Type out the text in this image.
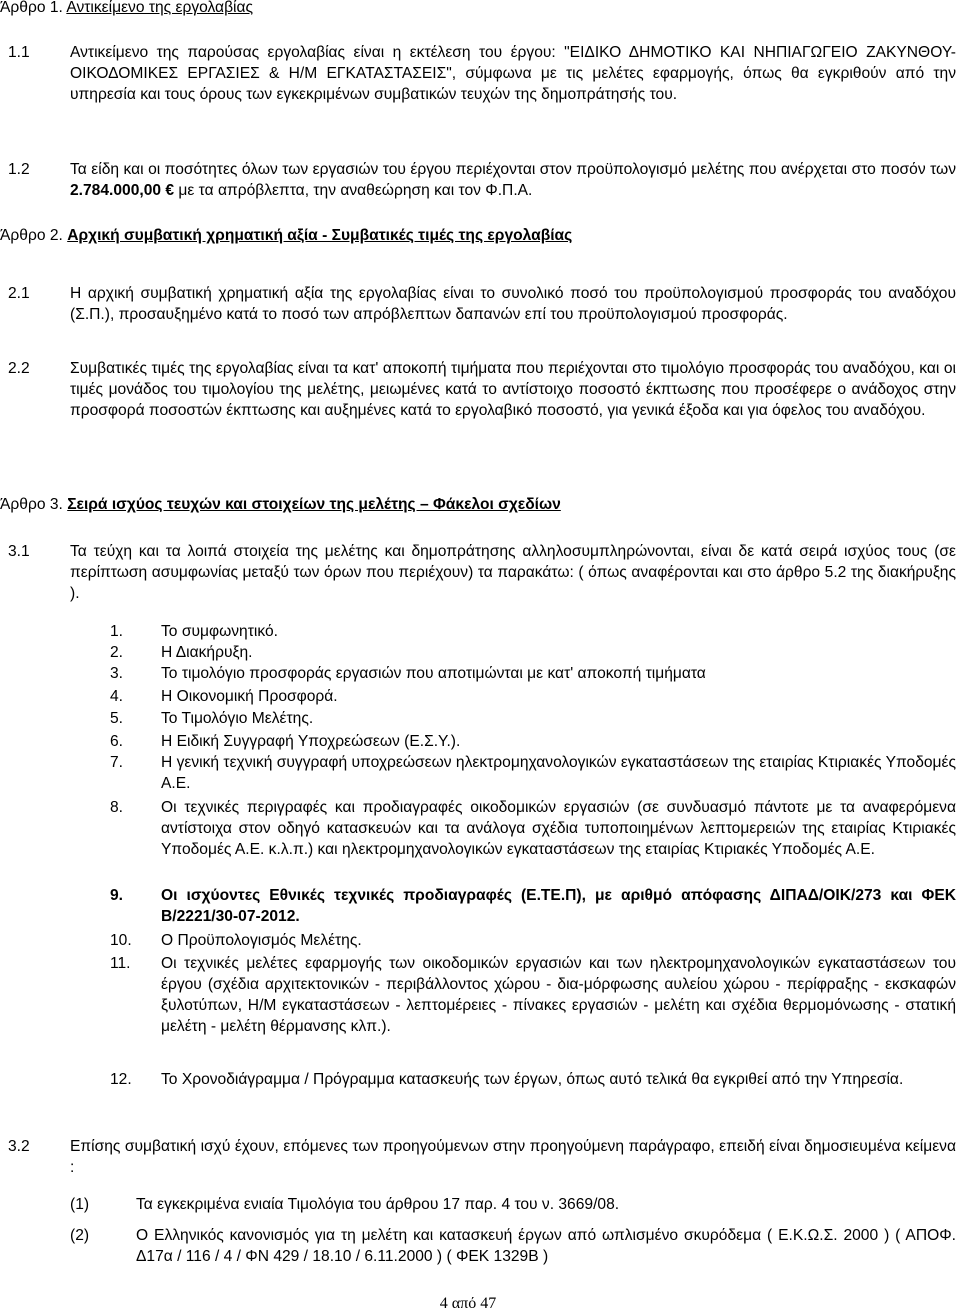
Άρθρο 1. Αντικείμενο της εργολαβίας
1.1	Αντικείμενο της παρούσας εργολαβίας είναι η εκτέλεση του έργου: "ΕΙΔΙΚΟ ΔΗΜΟΤΙΚΟ ΚΑΙ ΝΗΠΙΑΓΩΓΕΙΟ ΖΑΚΥΝΘΟΥ-ΟΙΚΟΔΟΜΙΚΕΣ ΕΡΓΑΣΙΕΣ & Η/Μ ΕΓΚΑΤΑΣΤΑΣΕΙΣ", σύμφωνα με τις μελέτες εφαρμογής, όπως θα εγκριθούν από την υπηρεσία και τους όρους των εγκεκριμένων συμβατικών τευχών της δημοπράτησής του.
1.2	Τα είδη και οι ποσότητες όλων των εργασιών του έργου περιέχονται στον προϋπολογισμό μελέτης που ανέρχεται στο ποσόν των 2.784.000,00 € με τα απρόβλεπτα, την αναθεώρηση και τον Φ.Π.Α.
Άρθρο 2. Αρχική συμβατική χρηματική αξία - Συμβατικές τιμές της εργολαβίας
2.1	Η αρχική συμβατική χρηματική αξία της εργολαβίας είναι το συνολικό ποσό του προϋπολογισμού προσφοράς του αναδόχου (Σ.Π.), προσαυξημένο κατά το ποσό των απρόβλεπτων δαπανών επί του προϋπολογισμού προσφοράς.
2.2	Συμβατικές τιμές της εργολαβίας είναι τα κατ' αποκοπή τιμήματα που περιέχονται στο τιμολόγιο προσφοράς του αναδόχου, και οι τιμές μονάδος του τιμολογίου της μελέτης, μειωμένες κατά το αντίστοιχο ποσοστό έκπτωσης που προσέφερε ο ανάδοχος στην προσφορά ποσοστών έκπτωσης και αυξημένες κατά το εργολαβικό ποσοστό, για γενικά έξοδα και για όφελος του αναδόχου.
Άρθρο 3. Σειρά ισχύος τευχών και στοιχείων της μελέτης – Φάκελοι σχεδίων
3.1	Τα τεύχη και τα λοιπά στοιχεία της μελέτης και δημοπράτησης αλληλοσυμπληρώνονται, είναι δε κατά σειρά ισχύος τους (σε περίπτωση ασυμφωνίας μεταξύ των όρων που περιέχουν) τα παρακάτω: ( όπως αναφέρονται και στο άρθρο 5.2 της διακήρυξης ).
1. Το συμφωνητικό.
2. Η Διακήρυξη.
3. Το τιμολόγιο προσφοράς εργασιών που αποτιμώνται με κατ' αποκοπή τιμήματα
4. Η Οικονομική Προσφορά.
5. Το Τιμολόγιο Μελέτης.
6. Η Ειδική Συγγραφή Υποχρεώσεων (Ε.Σ.Υ.).
7. Η γενική τεχνική συγγραφή υποχρεώσεων ηλεκτρομηχανολογικών εγκαταστάσεων της εταιρίας Κτιριακές Υποδομές Α.Ε.
8. Οι τεχνικές περιγραφές και προδιαγραφές οικοδομικών εργασιών (σε συνδυασμό πάντοτε με τα αναφερόμενα αντίστοιχα στον οδηγό κατασκευών και τα ανάλογα σχέδια τυποποιημένων λεπτομερειών της εταιρίας Κτιριακές Υποδομές Α.Ε. κ.λ.π.) και ηλεκτρομηχανολογικών εγκαταστάσεων της εταιρίας Κτιριακές Υποδομές Α.Ε.
9. Οι ισχύοντες Εθνικές τεχνικές προδιαγραφές (Ε.ΤΕ.Π), με αριθμό απόφασης ΔΙΠΑΔ/ΟΙΚ/273 και ΦΕΚ Β/2221/30-07-2012.
10. Ο Προϋπολογισμός Μελέτης.
11. Οι τεχνικές μελέτες εφαρμογής των οικοδομικών εργασιών και των ηλεκτρομηχανολογικών εγκαταστάσεων του έργου (σχέδια αρχιτεκτονικών - περιβάλλοντος χώρου - δια-μόρφωσης αυλείου χώρου - περίφραξης - εκσκαφών ξυλοτύπων, Η/Μ εγκαταστάσεων - λεπτομέρειες - πίνακες εργασιών - μελέτη και σχέδια θερμομόνωσης - στατική μελέτη - μελέτη θέρμανσης κλπ.).
12. Το Χρονοδιάγραμμα / Πρόγραμμα κατασκευής των έργων, όπως αυτό τελικά θα εγκριθεί από την Υπηρεσία.
3.2	Επίσης συμβατική ισχύ έχουν, επόμενες των προηγούμενων στην προηγούμενη παράγραφο, επειδή είναι δημοσιευμένα κείμενα :
(1)	Τα εγκεκριμένα ενιαία Τιμολόγια του άρθρου 17 παρ. 4 του ν. 3669/08.
(2)	Ο Ελληνικός κανονισμός για τη μελέτη και κατασκευή έργων από ωπλισμένο σκυρόδεμα ( Ε.Κ.Ω.Σ. 2000 ) ( ΑΠΟΦ. Δ17α / 116 / 4 / ΦΝ 429 / 18.10 / 6.11.2000 ) ( ΦΕΚ 1329Β )
4 από 47
